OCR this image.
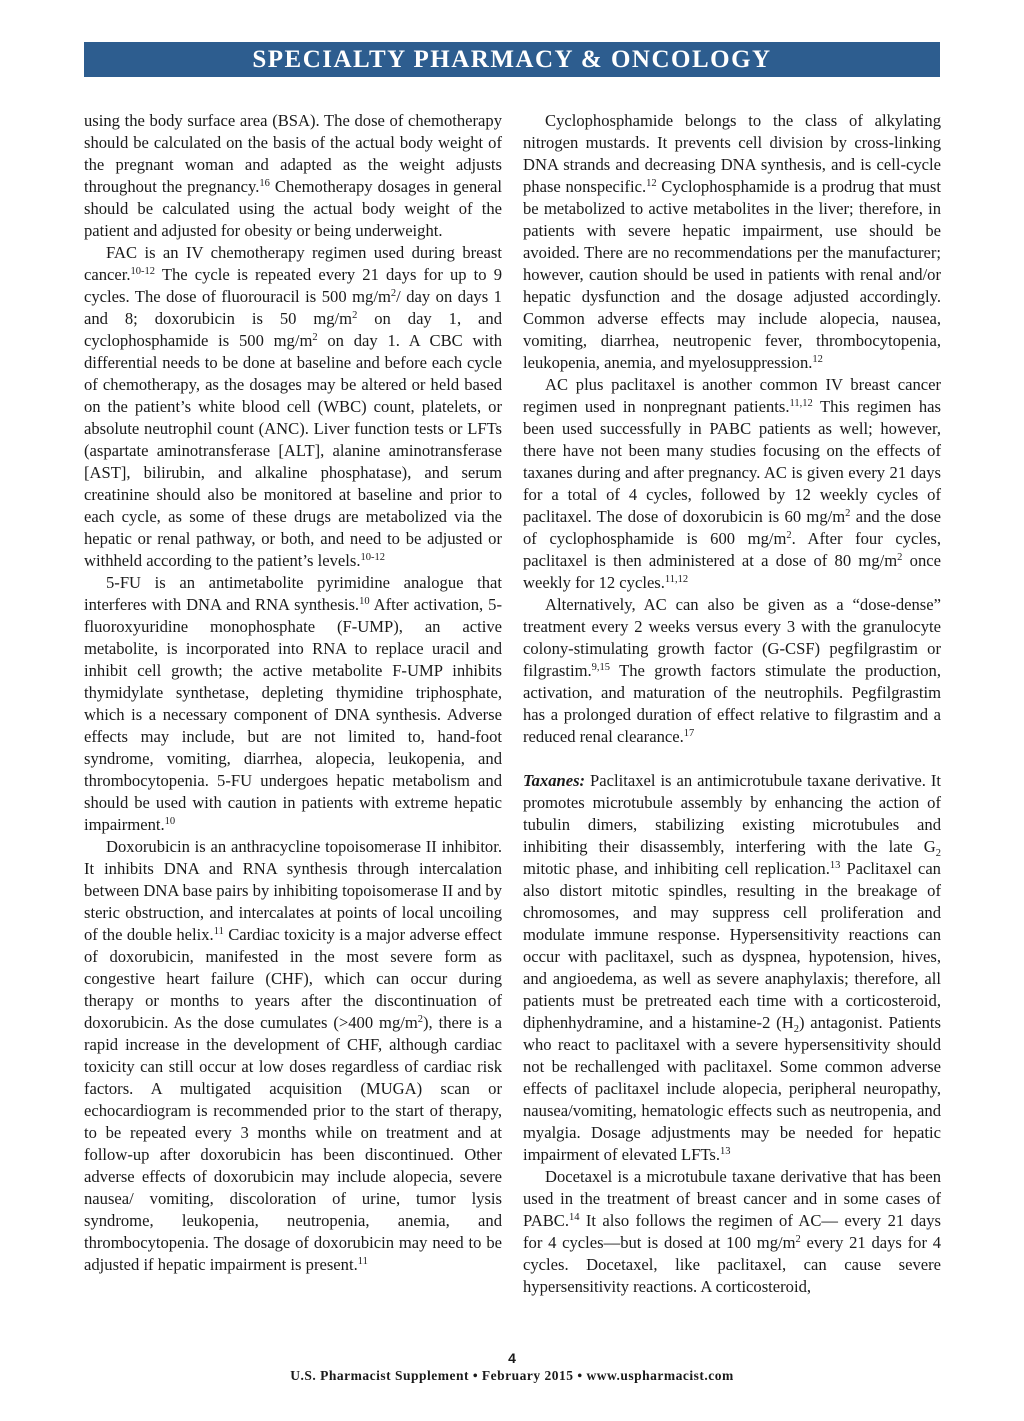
SPECIALTY PHARMACY & ONCOLOGY

using the body surface area (BSA). The dose of chemotherapy should be calculated on the basis of the actual body weight of the pregnant woman and adapted as the weight adjusts throughout the pregnancy.$^{16}$ Chemotherapy dosages in general should be calculated using the actual body weight of the patient and adjusted for obesity or being underweight.

FAC is an IV chemotherapy regimen used during breast cancer.$^{10-12}$ The cycle is repeated every 21 days for up to 9 cycles. The dose of fluorouracil is 500 $mg/m^2/$ day on days 1 and 8; doxorubicin is 50 $mg/m^2$ on day 1, and cyclophosphamide is 500 $mg/m^2$ on day 1. A CBC with differential needs to be done at baseline and before each cycle of chemotherapy, as the dosages may be altered or held based on the patient’s white blood cell (WBC) count, platelets, or absolute neutrophil count (ANC). Liver function tests or LFTs (aspartate aminotransferase [ALT], alanine aminotransferase [AST], bilirubin, and alkaline phosphatase), and serum creatinine should also be monitored at baseline and prior to each cycle, as some of these drugs are metabolized via the hepatic or renal pathway, or both, and need to be adjusted or withheld according to the patient’s levels.$^{10-12}$

5-FU is an antimetabolite pyrimidine analogue that interferes with DNA and RNA synthesis.$^{10}$ After activation, 5-fluoroxyuridine monophosphate (F-UMP), an active metabolite, is incorporated into RNA to replace uracil and inhibit cell growth; the active metabolite F-UMP inhibits thymidylate synthetase, depleting thymidine triphosphate, which is a necessary component of DNA synthesis. Adverse effects may include, but are not limited to, hand-foot syndrome, vomiting, diarrhea, alopecia, leukopenia, and thrombocytopenia. 5-FU undergoes hepatic metabolism and should be used with caution in patients with extreme hepatic impairment.$^{10}$

Doxorubicin is an anthracycline topoisomerase II inhibitor. It inhibits DNA and RNA synthesis through intercalation between DNA base pairs by inhibiting topoisomerase II and by steric obstruction, and intercalates at points of local uncoiling of the double helix.$^{11}$ Cardiac toxicity is a major adverse effect of doxorubicin, manifested in the most severe form as congestive heart failure (CHF), which can occur during therapy or months to years after the discontinuation of doxorubicin. As the dose cumulates (>400 $mg/m^2$), there is a rapid increase in the development of CHF, although cardiac toxicity can still occur at low doses regardless of cardiac risk factors. A multigated acquisition (MUGA) scan or echocardiogram is recommended prior to the start of therapy, to be repeated every 3 months while on treatment and at follow-up after doxorubicin has been discontinued. Other adverse effects of doxorubicin may include alopecia, severe nausea/ vomiting, discoloration of urine, tumor lysis syndrome, leukopenia, neutropenia, anemia, and thrombocytopenia. The dosage of doxorubicin may need to be adjusted if hepatic impairment is present.$^{11}$

Cyclophosphamide belongs to the class of alkylating nitrogen mustards. It prevents cell division by cross-linking DNA strands and decreasing DNA synthesis, and is cell-cycle phase nonspecific.$^{12}$ Cyclophosphamide is a prodrug that must be metabolized to active metabolites in the liver; therefore, in patients with severe hepatic impairment, use should be avoided. There are no recommendations per the manufacturer; however, caution should be used in patients with renal and/or hepatic dysfunction and the dosage adjusted accordingly. Common adverse effects may include alopecia, nausea, vomiting, diarrhea, neutropenic fever, thrombocytopenia, leukopenia, anemia, and myelosuppression.$^{12}$

AC plus paclitaxel is another common IV breast cancer regimen used in nonpregnant patients.$^{11,12}$ This regimen has been used successfully in PABC patients as well; however, there have not been many studies focusing on the effects of taxanes during and after pregnancy. AC is given every 21 days for a total of 4 cycles, followed by 12 weekly cycles of paclitaxel. The dose of doxorubicin is 60 $mg/m^2$ and the dose of cyclophosphamide is 600 $mg/m^2$. After four cycles, paclitaxel is then administered at a dose of 80 $mg/m^2$ once weekly for 12 cycles.$^{11,12}$

Alternatively, AC can also be given as a “dose-dense” treatment every 2 weeks versus every 3 with the granulocyte colony-stimulating growth factor (G-CSF) pegfilgrastim or filgrastim.$^{9,15}$ The growth factors stimulate the production, activation, and maturation of the neutrophils. Pegfilgrastim has a prolonged duration of effect relative to filgrastim and a reduced renal clearance.$^{17}$

Taxanes: Paclitaxel is an antimicrotubule taxane derivative. It promotes microtubule assembly by enhancing the action of tubulin dimers, stabilizing existing microtubules and inhibiting their disassembly, interfering with the late $G_2$ mitotic phase, and inhibiting cell replication.$^{13}$ Paclitaxel can also distort mitotic spindles, resulting in the breakage of chromosomes, and may suppress cell proliferation and modulate immune response. Hypersensitivity reactions can occur with paclitaxel, such as dyspnea, hypotension, hives, and angioedema, as well as severe anaphylaxis; therefore, all patients must be pretreated each time with a corticosteroid, diphenhydramine, and a histamine-2 $(H_2)$ antagonist. Patients who react to paclitaxel with a severe hypersensitivity should not be rechallenged with paclitaxel. Some common adverse effects of paclitaxel include alopecia, peripheral neuropathy, nausea/vomiting, hematologic effects such as neutropenia, and myalgia. Dosage adjustments may be needed for hepatic impairment of elevated LFTs.$^{13}$

Docetaxel is a microtubule taxane derivative that has been used in the treatment of breast cancer and in some cases of PABC.$^{14}$ It also follows the regimen of AC— every 21 days for 4 cycles—but is dosed at 100 $mg/m^2$ every 21 days for 4 cycles. Docetaxel, like paclitaxel, can cause severe hypersensitivity reactions. A corticosteroid,

4
U.S. Pharmacist Supplement • February 2015 • www.uspharmacist.com
